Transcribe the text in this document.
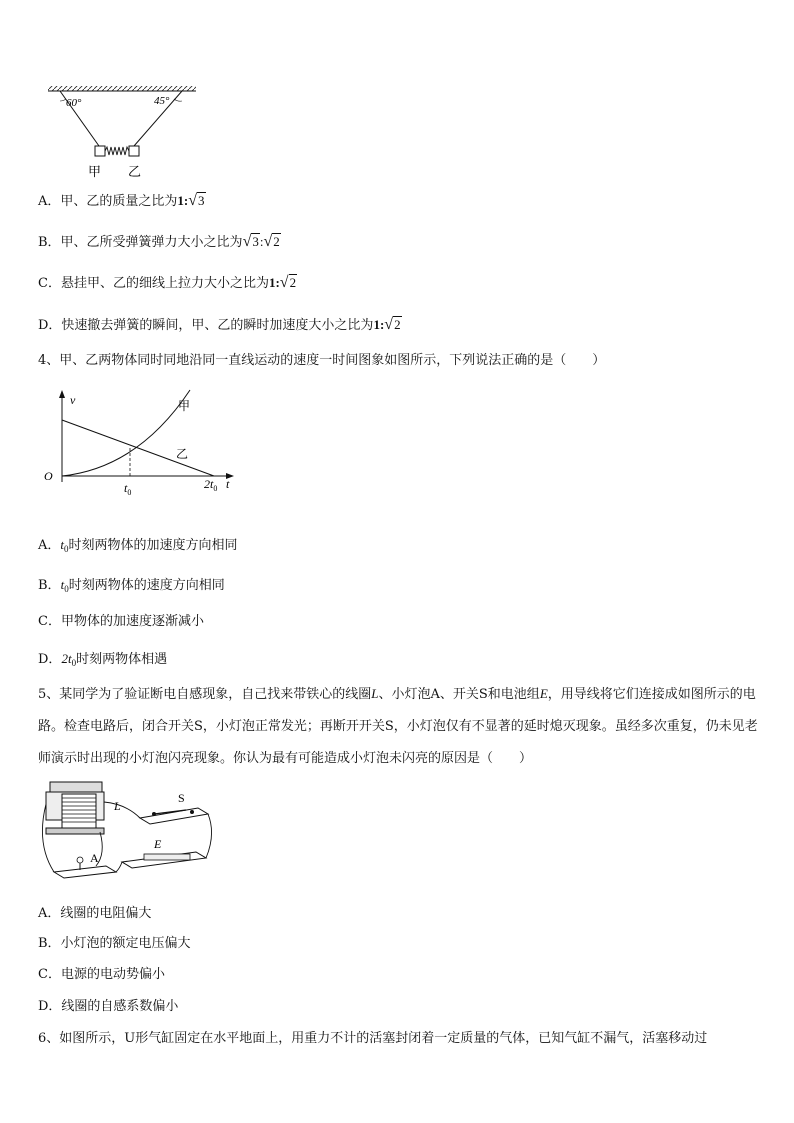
60°	45°
甲 乙
A．甲、乙的质量之比为1:√3
B．甲、乙所受弹簧弹力大小之比为√3:√2
C．悬挂甲、乙的细线上拉力大小之比为1:√2
D．快速撤去弹簧的瞬间，甲、乙的瞬时加速度大小之比为1:√2
4、甲、乙两物体同时同地沿同一直线运动的速度一时间图象如图所示，下列说法正确的是（　　）
v
O
t
$t_0$
$2t_0$
甲
乙
A．$t_0$时刻两物体的加速度方向相同
B．$t_0$时刻两物体的速度方向相同
C．甲物体的加速度逐渐减小
D．$2t_0$时刻两物体相遇
5、某同学为了验证断电自感现象，自己找来带铁心的线圈L、小灯泡A、开关S和电池组E，用导线将它们连接成如图所示的电路。检查电路后，闭合开关S，小灯泡正常发光；再断开开关S，小灯泡仅有不显著的延时熄灭现象。虽经多次重复，仍未见老师演示时出现的小灯泡闪亮现象。你认为最有可能造成小灯泡未闪亮的原因是（　　）
L
S
E
A
A．线圈的电阻偏大
B．小灯泡的额定电压偏大
C．电源的电动势偏小
D．线圈的自感系数偏小
6、如图所示，U形气缸固定在水平地面上，用重力不计的活塞封闭着一定质量的气体，已知气缸不漏气，活塞移动过
